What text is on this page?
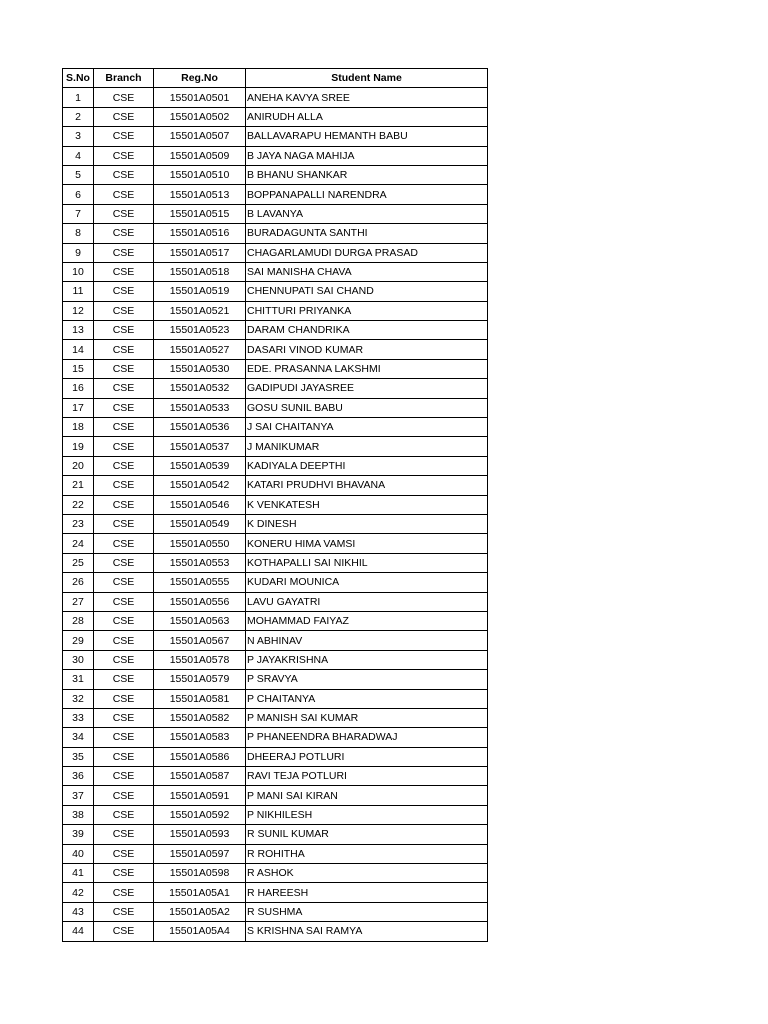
S.No	Branch	Reg.No	Student Name
1	CSE	15501A0501	ANEHA KAVYA SREE
2	CSE	15501A0502	ANIRUDH ALLA
3	CSE	15501A0507	BALLAVARAPU HEMANTH BABU
4	CSE	15501A0509	B JAYA NAGA MAHIJA
5	CSE	15501A0510	B BHANU SHANKAR
6	CSE	15501A0513	BOPPANAPALLI NARENDRA
7	CSE	15501A0515	B LAVANYA
8	CSE	15501A0516	BURADAGUNTA SANTHI
9	CSE	15501A0517	CHAGARLAMUDI DURGA PRASAD
10	CSE	15501A0518	SAI MANISHA CHAVA
11	CSE	15501A0519	CHENNUPATI SAI CHAND
12	CSE	15501A0521	CHITTURI PRIYANKA
13	CSE	15501A0523	DARAM CHANDRIKA
14	CSE	15501A0527	DASARI VINOD KUMAR
15	CSE	15501A0530	EDE. PRASANNA LAKSHMI
16	CSE	15501A0532	GADIPUDI JAYASREE
17	CSE	15501A0533	GOSU SUNIL BABU
18	CSE	15501A0536	J SAI CHAITANYA
19	CSE	15501A0537	J MANIKUMAR
20	CSE	15501A0539	KADIYALA DEEPTHI
21	CSE	15501A0542	KATARI PRUDHVI BHAVANA
22	CSE	15501A0546	K VENKATESH
23	CSE	15501A0549	K DINESH
24	CSE	15501A0550	KONERU HIMA VAMSI
25	CSE	15501A0553	KOTHAPALLI SAI NIKHIL
26	CSE	15501A0555	KUDARI MOUNICA
27	CSE	15501A0556	LAVU GAYATRI
28	CSE	15501A0563	MOHAMMAD FAIYAZ
29	CSE	15501A0567	N ABHINAV
30	CSE	15501A0578	P JAYAKRISHNA
31	CSE	15501A0579	P SRAVYA
32	CSE	15501A0581	P CHAITANYA
33	CSE	15501A0582	P MANISH SAI KUMAR
34	CSE	15501A0583	P PHANEENDRA BHARADWAJ
35	CSE	15501A0586	DHEERAJ POTLURI
36	CSE	15501A0587	RAVI TEJA POTLURI
37	CSE	15501A0591	P MANI SAI KIRAN
38	CSE	15501A0592	P NIKHILESH
39	CSE	15501A0593	R SUNIL KUMAR
40	CSE	15501A0597	R ROHITHA
41	CSE	15501A0598	R ASHOK
42	CSE	15501A05A1	R HAREESH
43	CSE	15501A05A2	R SUSHMA
44	CSE	15501A05A4	S KRISHNA SAI RAMYA
